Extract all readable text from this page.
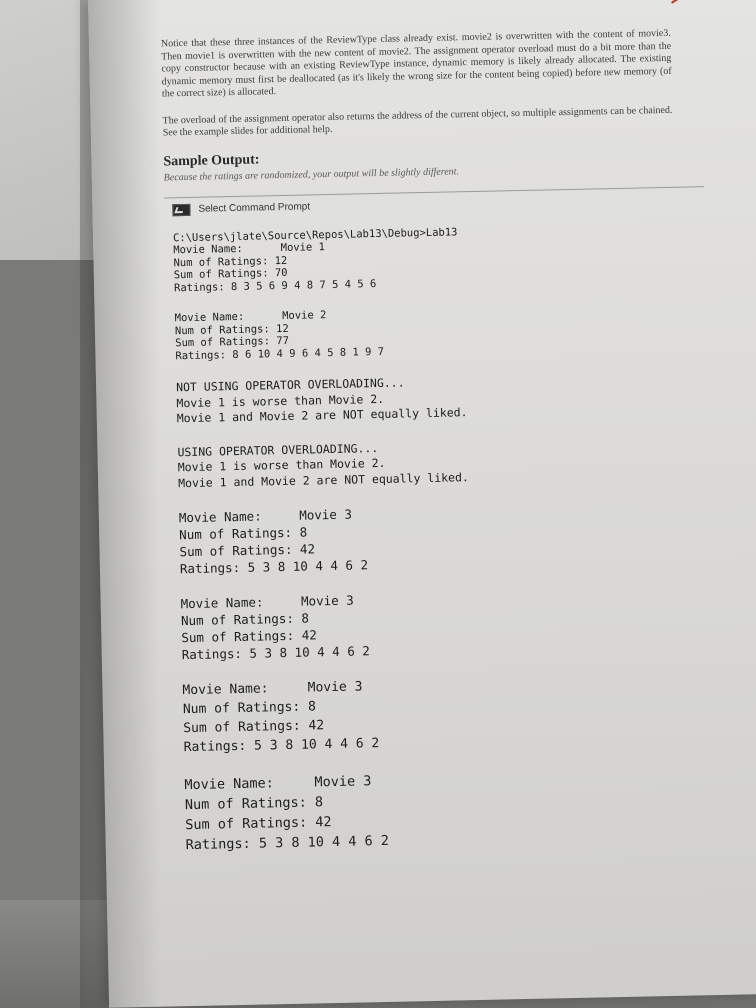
Notice that these three instances of the ReviewType class already exist. movie2 is overwritten with the content of movie3. Then movie1 is overwritten with the new content of movie2. The assignment operator overload must do a bit more than the copy constructor because with an existing ReviewType instance, dynamic memory is likely already allocated. The existing dynamic memory must first be deallocated (as it's likely the wrong size for the content being copied) before new memory (of the correct size) is allocated.

The overload of the assignment operator also returns the address of the current object, so multiple assignments can be chained. See the example slides for additional help.

Sample Output:
Because the ratings are randomized, your output will be slightly different.
Select Command Prompt
C:\Users\jlate\Source\Repos\Lab13\Debug>Lab13
Movie Name:      Movie 1
Num of Ratings: 12
Sum of Ratings: 70
Ratings: 8 3 5 6 9 4 8 7 5 4 5 6
Movie Name:      Movie 2
Num of Ratings: 12
Sum of Ratings: 77
Ratings: 8 6 10 4 9 6 4 5 8 1 9 7
NOT USING OPERATOR OVERLOADING...
Movie 1 is worse than Movie 2.
Movie 1 and Movie 2 are NOT equally liked.
USING OPERATOR OVERLOADING...
Movie 1 is worse than Movie 2.
Movie 1 and Movie 2 are NOT equally liked.
Movie Name:     Movie 3
Num of Ratings: 8
Sum of Ratings: 42
Ratings: 5 3 8 10 4 4 6 2
Movie Name:     Movie 3
Num of Ratings: 8
Sum of Ratings: 42
Ratings: 5 3 8 10 4 4 6 2
Movie Name:     Movie 3
Num of Ratings: 8
Sum of Ratings: 42
Ratings: 5 3 8 10 4 4 6 2
Movie Name:     Movie 3
Num of Ratings: 8
Sum of Ratings: 42
Ratings: 5 3 8 10 4 4 6 2
